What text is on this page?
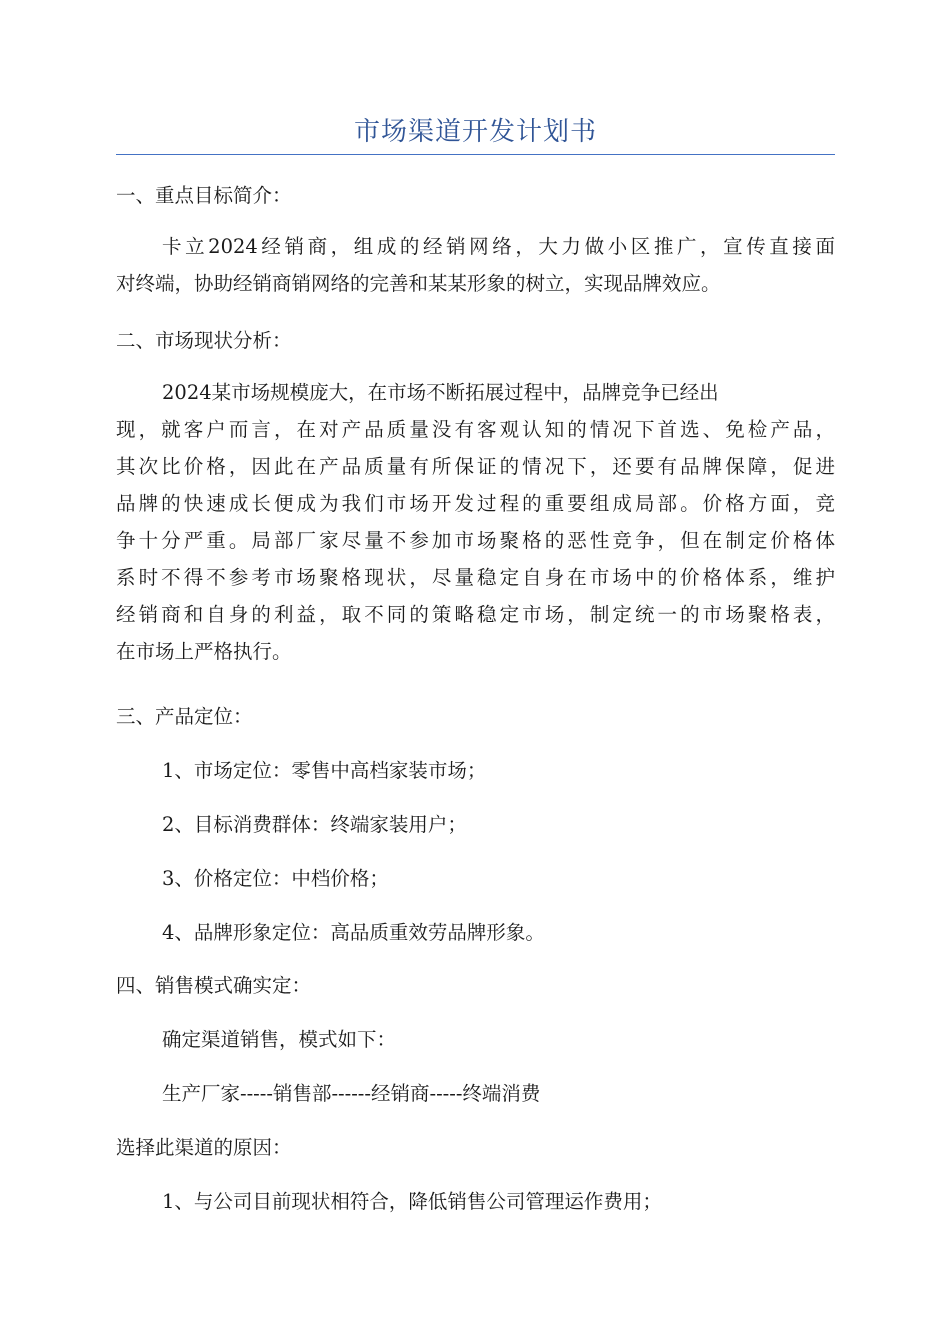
市场渠道开发计划书
一、重点目标简介：
卡立2024经销商，组成的经销网络，大力做小区推广，宣传直接面
对终端，协助经销商销网络的完善和某某形象的树立，实现品牌效应。
二、市场现状分析：
2024某市场规模庞大，在市场不断拓展过程中，品牌竞争已经出
现，就客户而言，在对产品质量没有客观认知的情况下首选、免检产品，
其次比价格，因此在产品质量有所保证的情况下，还要有品牌保障，促进
品牌的快速成长便成为我们市场开发过程的重要组成局部。价格方面，竞
争十分严重。局部厂家尽量不参加市场聚格的恶性竞争，但在制定价格体
系时不得不参考市场聚格现状，尽量稳定自身在市场中的价格体系，维护
经销商和自身的利益，取不同的策略稳定市场，制定统一的市场聚格表，
在市场上严格执行。
三、产品定位：
1、市场定位：零售中高档家装市场；
2、目标消费群体：终端家装用户；
3、价格定位：中档价格；
4、品牌形象定位：高品质重效劳品牌形象。
四、销售模式确实定：
确定渠道销售，模式如下：
生产厂家-----销售部------经销商-----终端消费
选择此渠道的原因：
1、与公司目前现状相符合，降低销售公司管理运作费用；
